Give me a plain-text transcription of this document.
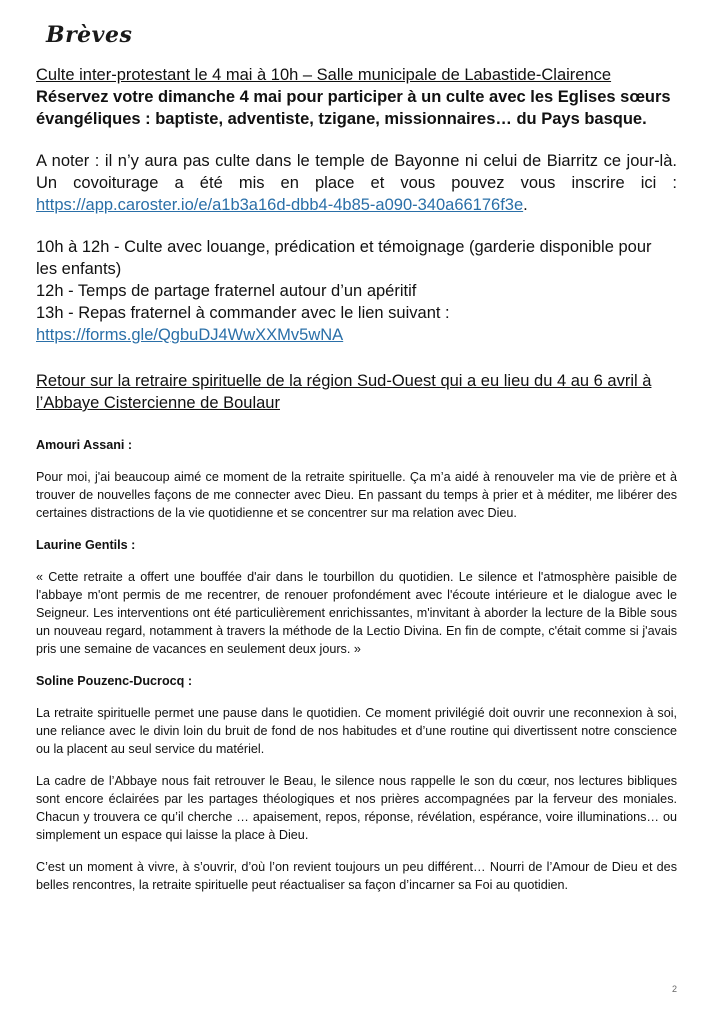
Brèves

Culte inter-protestant le 4 mai à 10h – Salle municipale de Labastide-Clairence

Réservez votre dimanche 4 mai pour participer à un culte avec les Eglises sœurs évangéliques : baptiste, adventiste, tzigane, missionnaires… du Pays basque.

A noter : il n’y aura pas culte dans le temple de Bayonne ni celui de Biarritz ce jour-là. Un covoiturage a été mis en place et vous pouvez vous inscrire ici : https://app.caroster.io/e/a1b3a16d-dbb4-4b85-a090-340a66176f3e.

10h à 12h - Culte avec louange, prédication et témoignage (garderie disponible pour les enfants)

12h - Temps de partage fraternel autour d’un apéritif

13h - Repas fraternel à commander avec le lien suivant :

https://forms.gle/QgbuDJ4WwXXMv5wNA

Retour sur la retraire spirituelle de la région Sud-Ouest qui a eu lieu du 4 au 6 avril à l’Abbaye Cistercienne de Boulaur

Amouri Assani :

Pour moi, j'ai beaucoup aimé ce moment de la retraite spirituelle. Ça m’a aidé à renouveler ma vie de prière et à trouver de nouvelles façons de me connecter avec Dieu. En passant du temps à prier et à méditer, me libérer des certaines distractions de la vie quotidienne et se concentrer sur ma relation avec Dieu.

Laurine Gentils :

« Cette retraite a offert une bouffée d'air dans le tourbillon du quotidien. Le silence et l'atmosphère paisible de l'abbaye m'ont permis de me recentrer, de renouer profondément avec l'écoute intérieure et le dialogue avec le Seigneur. Les interventions ont été particulièrement enrichissantes, m'invitant à aborder la lecture de la Bible sous un nouveau regard, notamment à travers la méthode de la Lectio Divina. En fin de compte, c'était comme si j'avais pris une semaine de vacances en seulement deux jours. »

Soline Pouzenc-Ducrocq :

La retraite spirituelle permet une pause dans le quotidien. Ce moment privilégié doit ouvrir une reconnexion à soi, une reliance avec le divin loin du bruit de fond de nos habitudes et d’une routine qui divertissent notre conscience ou la placent au seul service du matériel.

La cadre de l’Abbaye nous fait retrouver le Beau, le silence nous rappelle le son du cœur, nos lectures bibliques sont encore éclairées par les partages théologiques et nos prières accompagnées par la ferveur des moniales. Chacun y trouvera ce qu’il cherche … apaisement, repos, réponse, révélation, espérance, voire illuminations… ou simplement un espace qui laisse la place à Dieu.

C’est un moment à vivre, à s’ouvrir, d’où l’on revient toujours un peu différent… Nourri de l’Amour de Dieu et des belles rencontres, la retraite spirituelle peut réactualiser sa façon d’incarner sa Foi au quotidien.

2
